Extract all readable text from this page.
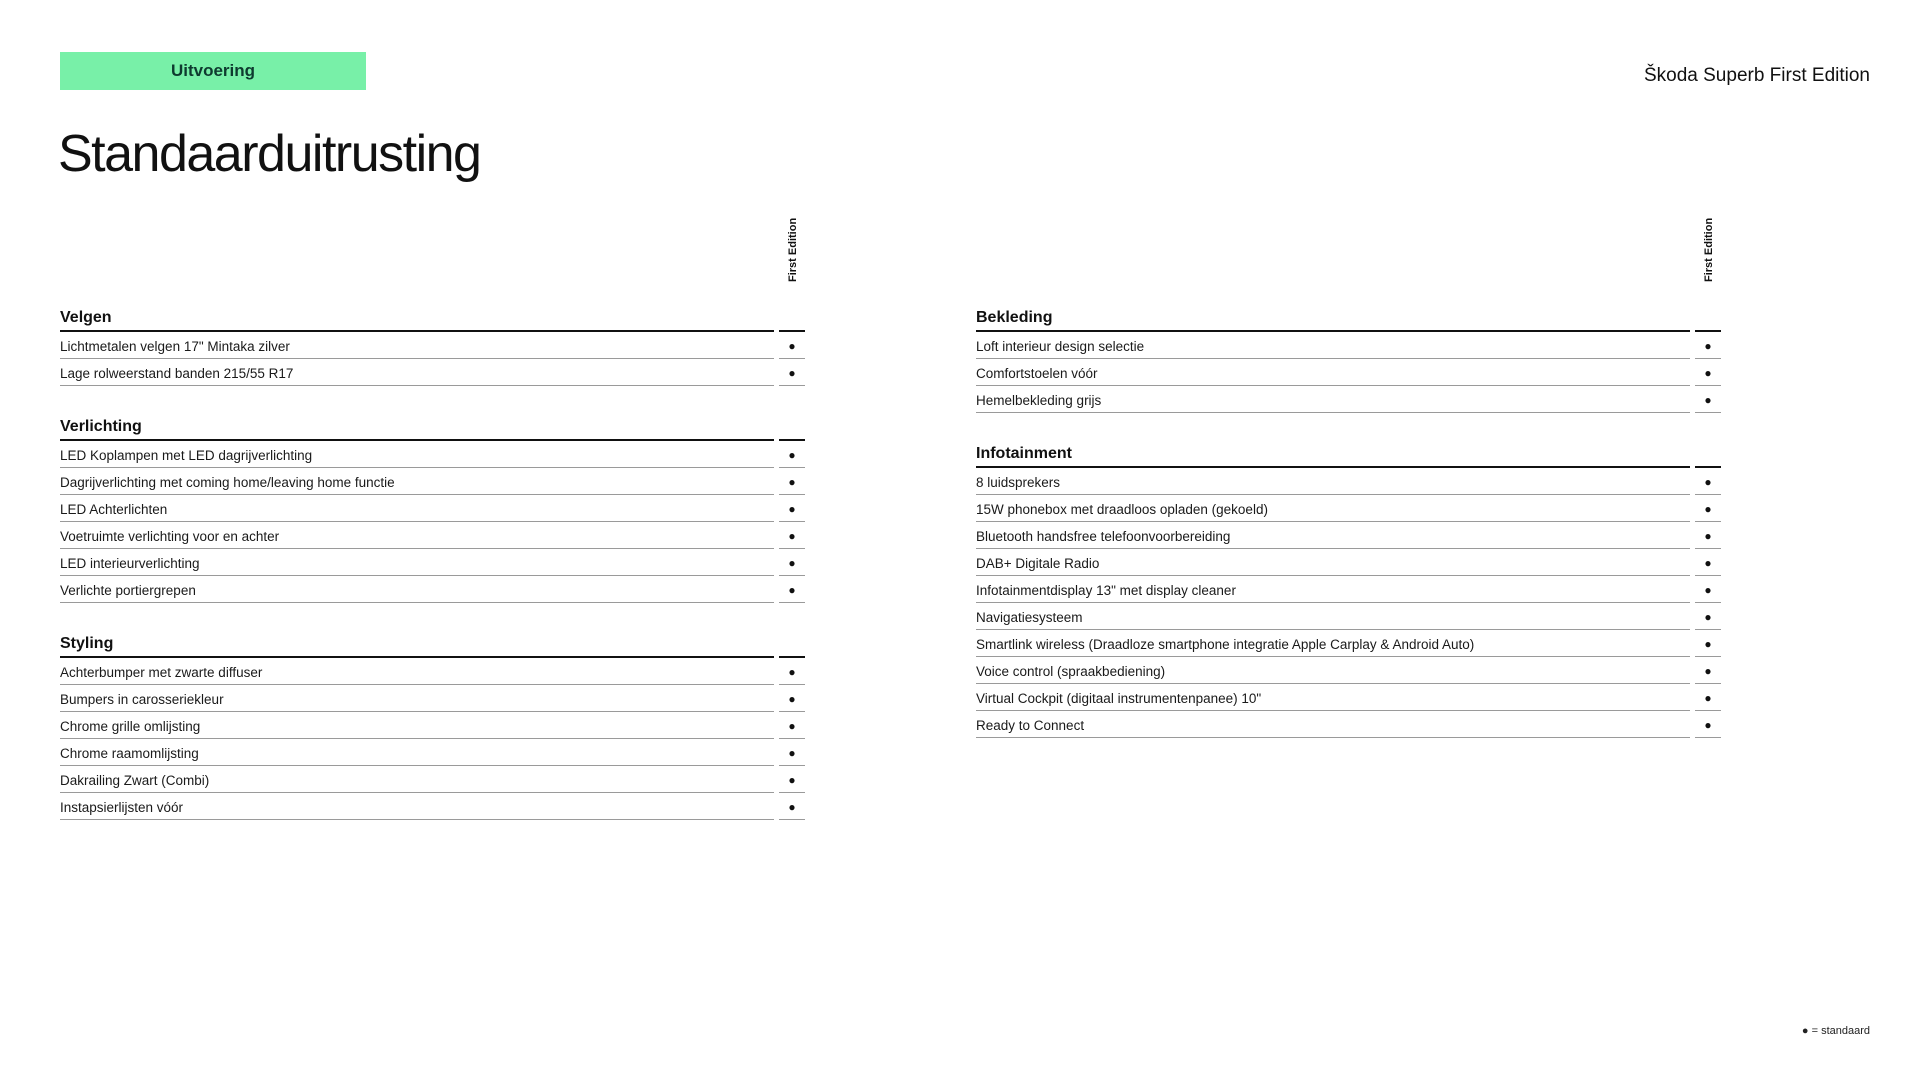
Uitvoering	Škoda Superb First Edition
Standaarduitrusting
First Edition
Velgen
Lichtmetalen velgen 17" Mintaka zilver	●
Lage rolweerstand banden 215/55 R17	●
Verlichting
LED Koplampen met LED dagrijverlichting	●
Dagrijverlichting met coming home/leaving home functie	●
LED Achterlichten	●
Voetruimte verlichting voor en achter	●
LED interieurverlichting	●
Verlichte portiergrepen	●
Styling
Achterbumper met zwarte diffuser	●
Bumpers in carosseriekleur	●
Chrome grille omlijsting	●
Chrome raamomlijsting	●
Dakrailing Zwart (Combi)	●
Instapsierlijsten vóór	●
First Edition
Bekleding
Loft interieur design selectie	●
Comfortstoelen vóór	●
Hemelbekleding grijs	●
Infotainment
8 luidsprekers	●
15W phonebox met draadloos opladen (gekoeld)	●
Bluetooth handsfree telefoonvoorbereiding	●
DAB+ Digitale Radio	●
Infotainmentdisplay 13" met display cleaner	●
Navigatiesysteem	●
Smartlink wireless (Draadloze smartphone integratie Apple Carplay & Android Auto)	●
Voice control (spraakbediening)	●
Virtual Cockpit (digitaal instrumentenpanee) 10"	●
Ready to Connect	●
● = standaard
